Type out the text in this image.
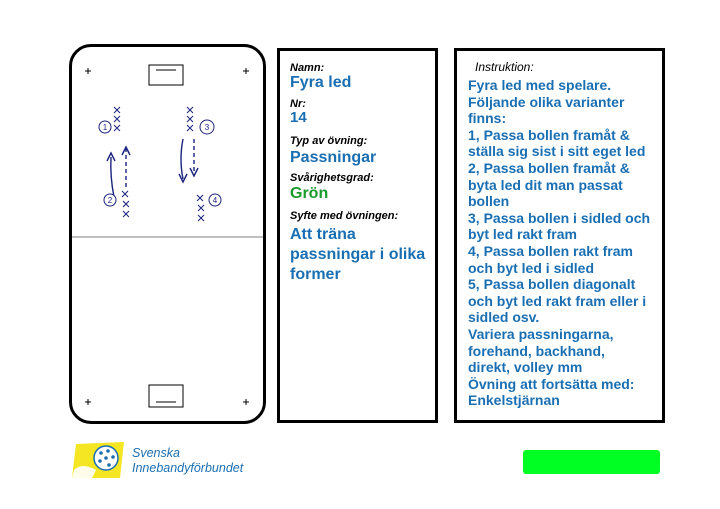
1	3
2	4
Namn:
Fyra led
Nr:
14
Typ av övning:
Passningar
Svårighetsgrad:
Grön
Syfte med övningen:
Att träna
passningar i olika
former
Instruktion:
Fyra led med spelare.
Följande olika varianter
finns:
1, Passa bollen framåt &
ställa sig sist i sitt eget led
2, Passa bollen framåt &
byta led dit man passat
bollen
3, Passa bollen i sidled och
byt led rakt fram
4, Passa bollen rakt fram
och byt led i sidled
5, Passa bollen diagonalt
och byt led rakt fram eller i
sidled osv.
Variera passningarna,
forehand, backhand,
direkt, volley mm
Övning att fortsätta med:
Enkelstjärnan
Svenska
Innebandyförbundet
